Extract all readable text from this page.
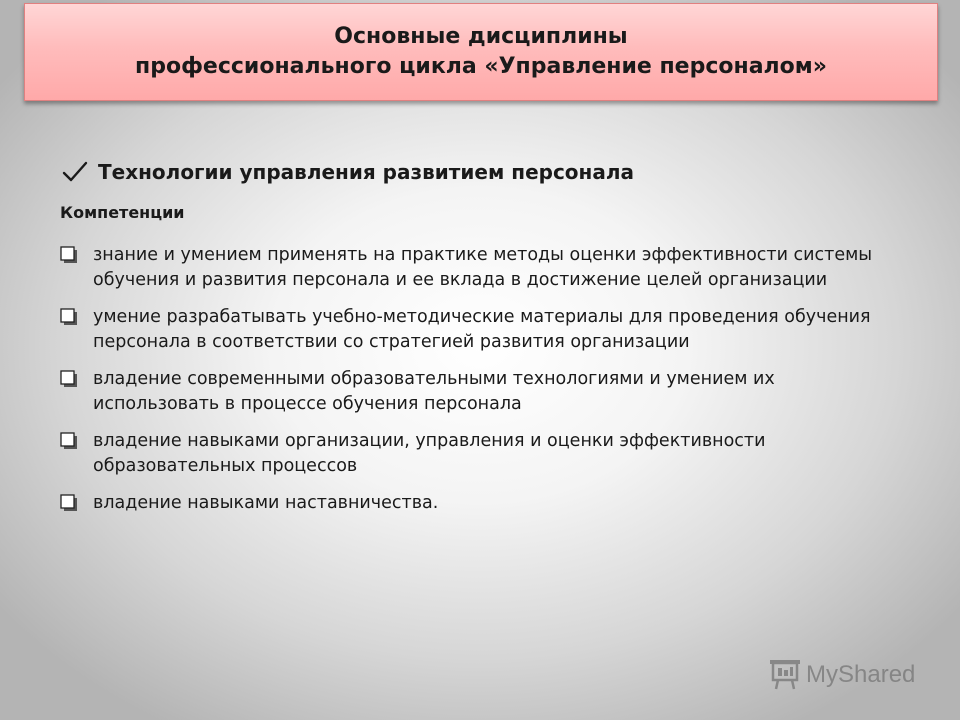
Основные дисциплины
профессионального цикла «Управление персоналом»
Технологии управления развитием персонала
Компетенции
знание и умением применять на практике методы оценки эффективности системы обучения и развития персонала и ее вклада в достижение целей организации
умение разрабатывать учебно-методические материалы для проведения обучения персонала в соответствии со стратегией развития организации
владение современными образовательными технологиями и умением их использовать в процессе обучения персонала
владение навыками организации, управления и оценки эффективности образовательных процессов
владение навыками наставничества.
MyShared
